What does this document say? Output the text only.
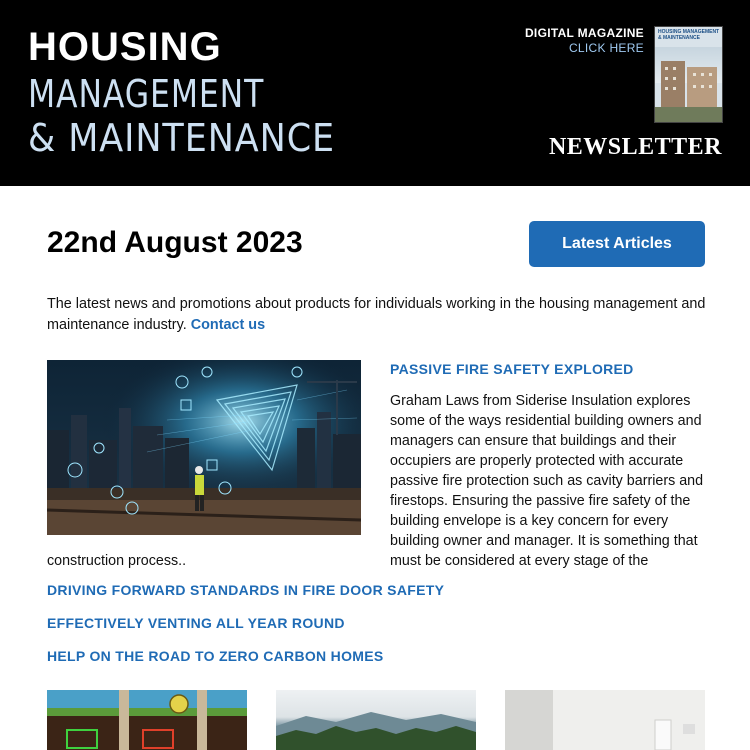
HOUSING
MANAGEMENT
& MAINTENANCE
DIGITAL MAGAZINE
CLICK HERE
HOUSING MANAGEMENT & MAINTENANCE
NEWSLETTER
22nd August 2023	Latest Articles

The latest news and promotions about products for individuals working in the housing management and maintenance industry. Contact us

PASSIVE FIRE SAFETY EXPLORED

Graham Laws from Siderise Insulation explores some of the ways residential building owners and managers can ensure that buildings and their occupiers are properly protected with accurate passive fire protection such as cavity barriers and firestops. Ensuring the passive fire safety of the building envelope is a key concern for every building owner and manager. It is something that must be considered at every stage of the

construction process..

DRIVING FORWARD STANDARDS IN FIRE DOOR SAFETY
EFFECTIVELY VENTING ALL YEAR ROUND
HELP ON THE ROAD TO ZERO CARBON HOMES
